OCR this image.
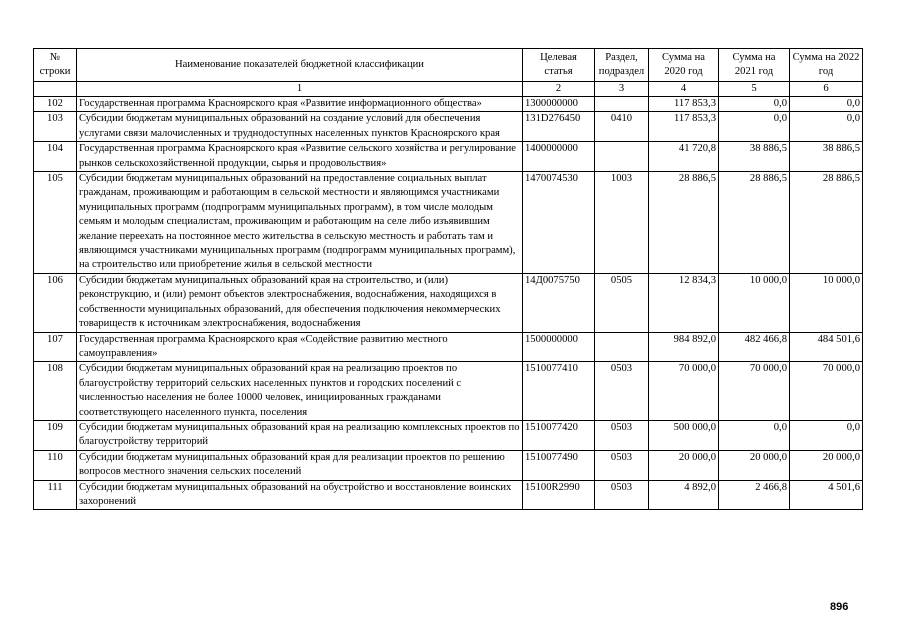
№ строки	Наименование показателей бюджетной классификации	Целевая статья	Раздел, подраздел	Сумма на 2020 год	Сумма на 2021 год	Сумма на 2022 год
	1	2	3	4	5	6
102	Государственная программа Красноярского края «Развитие информационного общества»	1300000000		117 853,3	0,0	0,0
103	Субсидии бюджетам муниципальных образований на создание условий для обеспечения услугами связи малочисленных и труднодоступных населенных пунктов Красноярского края	131D276450	0410	117 853,3	0,0	0,0
104	Государственная программа Красноярского края «Развитие сельского хозяйства и регулирование рынков сельскохозяйственной продукции, сырья и продовольствия»	1400000000		41 720,8	38 886,5	38 886,5
105	Субсидии бюджетам муниципальных образований на предоставление социальных выплат гражданам, проживающим и работающим в сельской местности и являющимся участниками муниципальных программ (подпрограмм муниципальных программ), в том числе молодым семьям и молодым специалистам, проживающим и работающим на селе либо изъявившим желание переехать на постоянное место жительства в сельскую местность и работать там и являющимся участниками муниципальных программ (подпрограмм муниципальных программ), на строительство или приобретение жилья в сельской местности	1470074530	1003	28 886,5	28 886,5	28 886,5
106	Субсидии бюджетам муниципальных образований края на строительство, и (или) реконструкцию, и (или) ремонт объектов электроснабжения, водоснабжения, находящихся в собственности муниципальных образований, для обеспечения подключения некоммерческих товариществ к источникам электроснабжения, водоснабжения	14Д0075750	0505	12 834,3	10 000,0	10 000,0
107	Государственная программа Красноярского края «Содействие развитию местного самоуправления»	1500000000		984 892,0	482 466,8	484 501,6
108	Субсидии бюджетам муниципальных образований края на реализацию проектов по благоустройству территорий сельских населенных пунктов и городских поселений с численностью населения не более 10000 человек, инициированных гражданами соответствующего населенного пункта, поселения	1510077410	0503	70 000,0	70 000,0	70 000,0
109	Субсидии бюджетам муниципальных образований края на реализацию комплексных проектов по благоустройству территорий	1510077420	0503	500 000,0	0,0	0,0
110	Субсидии бюджетам муниципальных образований края для реализации проектов по решению вопросов местного значения сельских поселений	1510077490	0503	20 000,0	20 000,0	20 000,0
111	Субсидии бюджетам муниципальных образований на обустройство и восстановление воинских захоронений	15100R2990	0503	4 892,0	2 466,8	4 501,6
896
